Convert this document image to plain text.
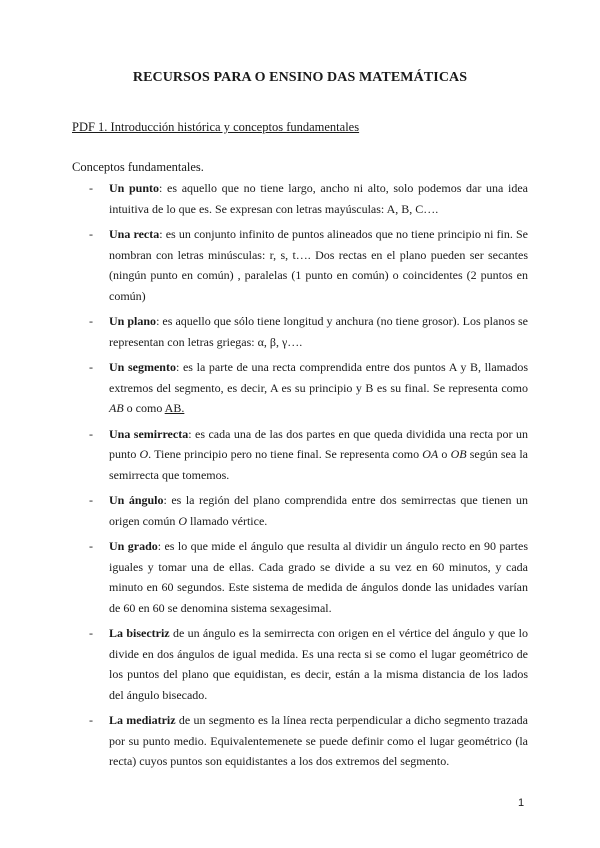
RECURSOS PARA O ENSINO DAS MATEMÁTICAS
PDF 1. Introducción histórica y conceptos fundamentales
Conceptos fundamentales.
- Un punto: es aquello que no tiene largo, ancho ni alto, solo podemos dar una idea intuitiva de lo que es. Se expresan con letras mayúsculas: A, B, C….
- Una recta: es un conjunto infinito de puntos alineados que no tiene principio ni fin. Se nombran con letras minúsculas: r, s, t…. Dos rectas en el plano pueden ser secantes (ningún punto en común) , paralelas (1 punto en común) o coincidentes (2 puntos en común)
- Un plano: es aquello que sólo tiene longitud y anchura (no tiene grosor). Los planos se representan con letras griegas: α, β, γ….
- Un segmento: es la parte de una recta comprendida entre dos puntos A y B, llamados extremos del segmento, es decir, A es su principio y B es su final. Se representa como AB o como AB.
- Una semirrecta: es cada una de las dos partes en que queda dividida una recta por un punto O. Tiene principio pero no tiene final. Se representa como OA o OB según sea la semirrecta que tomemos.
- Un ángulo: es la región del plano comprendida entre dos semirrectas que tienen un origen común O llamado vértice.
- Un grado: es lo que mide el ángulo que resulta al dividir un ángulo recto en 90 partes iguales y tomar una de ellas. Cada grado se divide a su vez en 60 minutos, y cada minuto en 60 segundos. Este sistema de medida de ángulos donde las unidades varían de 60 en 60 se denomina sistema sexagesimal.
- La bisectriz de un ángulo es la semirrecta con origen en el vértice del ángulo y que lo divide en dos ángulos de igual medida. Es una recta si se como el lugar geométrico de los puntos del plano que equidistan, es decir, están a la misma distancia de los lados del ángulo bisecado.
- La mediatriz de un segmento es la línea recta perpendicular a dicho segmento trazada por su punto medio. Equivalentemenete se puede definir como el lugar geométrico (la recta) cuyos puntos son equidistantes a los dos extremos del segmento.
1
